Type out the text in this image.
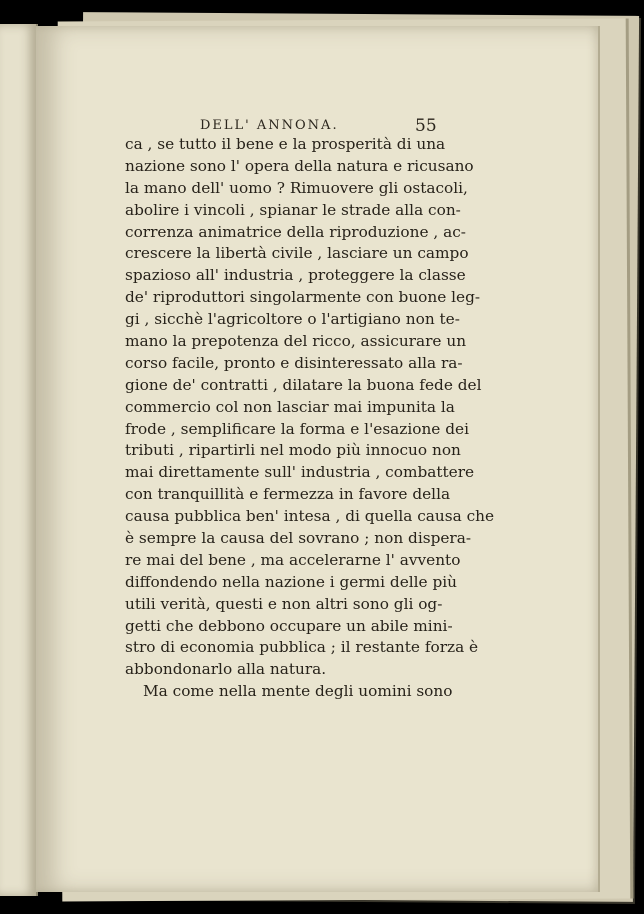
DELL' ANNONA.	55
ca , se tutto il bene e la prosperità di una
nazione sono l' opera della natura e ricusano
la mano dell' uomo ? Rimuovere gli ostacoli,
abolire i vincoli , spianar le strade alla con-
correnza animatrice della riproduzione , ac-
crescere la libertà civile , lasciare un campo
spazioso all' industria , proteggere la classe
de' riproduttori singolarmente con buone leg-
gi , sicchè l'agricoltore o l'artigiano non te-
mano la prepotenza del ricco, assicurare un
corso facile, pronto e disinteressato alla ra-
gione de' contratti , dilatare la buona fede del
commercio col non lasciar mai impunita la
frode , semplificare la forma e l'esazione dei
tributi , ripartirli nel modo più innocuo non
mai direttamente sull' industria , combattere
con tranquillità e fermezza in favore della
causa pubblica ben' intesa , di quella causa che
è sempre la causa del sovrano ; non dispera-
re mai del bene , ma accelerarne l' avvento
diffondendo nella nazione i germi delle più
utili verità, questi e non altri sono gli og-
getti che debbono occupare un abile mini-
stro di economia pubblica ; il restante forza è
abbondonarlo alla natura.
Ma come nella mente degli uomini sono
